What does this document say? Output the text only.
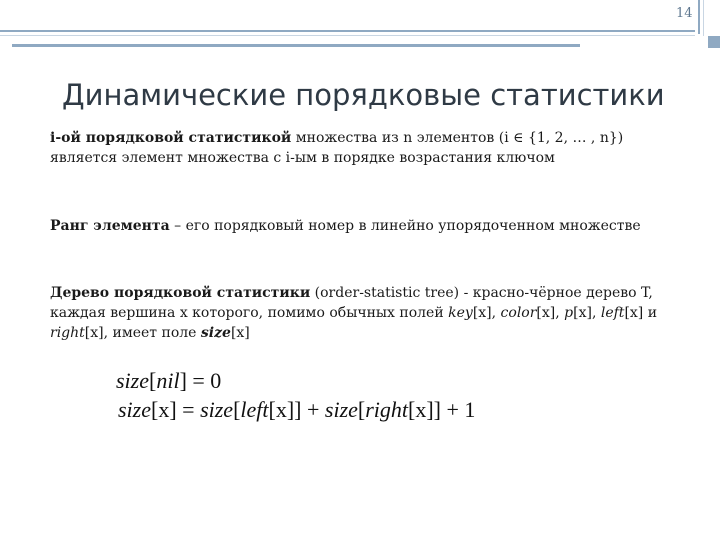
14
Динамические порядковые статистики
i-ой порядковой статистикой множества из n элементов (i ∈ {1, 2, … , n}) является элемент множества с i-ым в порядке возрастания ключом
Ранг элемента – его порядковый номер в линейно упорядоченном множестве
Дерево порядковой статистики (order-statistic tree) - красно-чёрное дерево T, каждая вершина x которого, помимо обычных полей key[x], color[x], p[x], left[x] и right[x], имеет поле size[x]
size[nil] = 0
size[x] = size[left[x]] + size[right[x]] + 1
